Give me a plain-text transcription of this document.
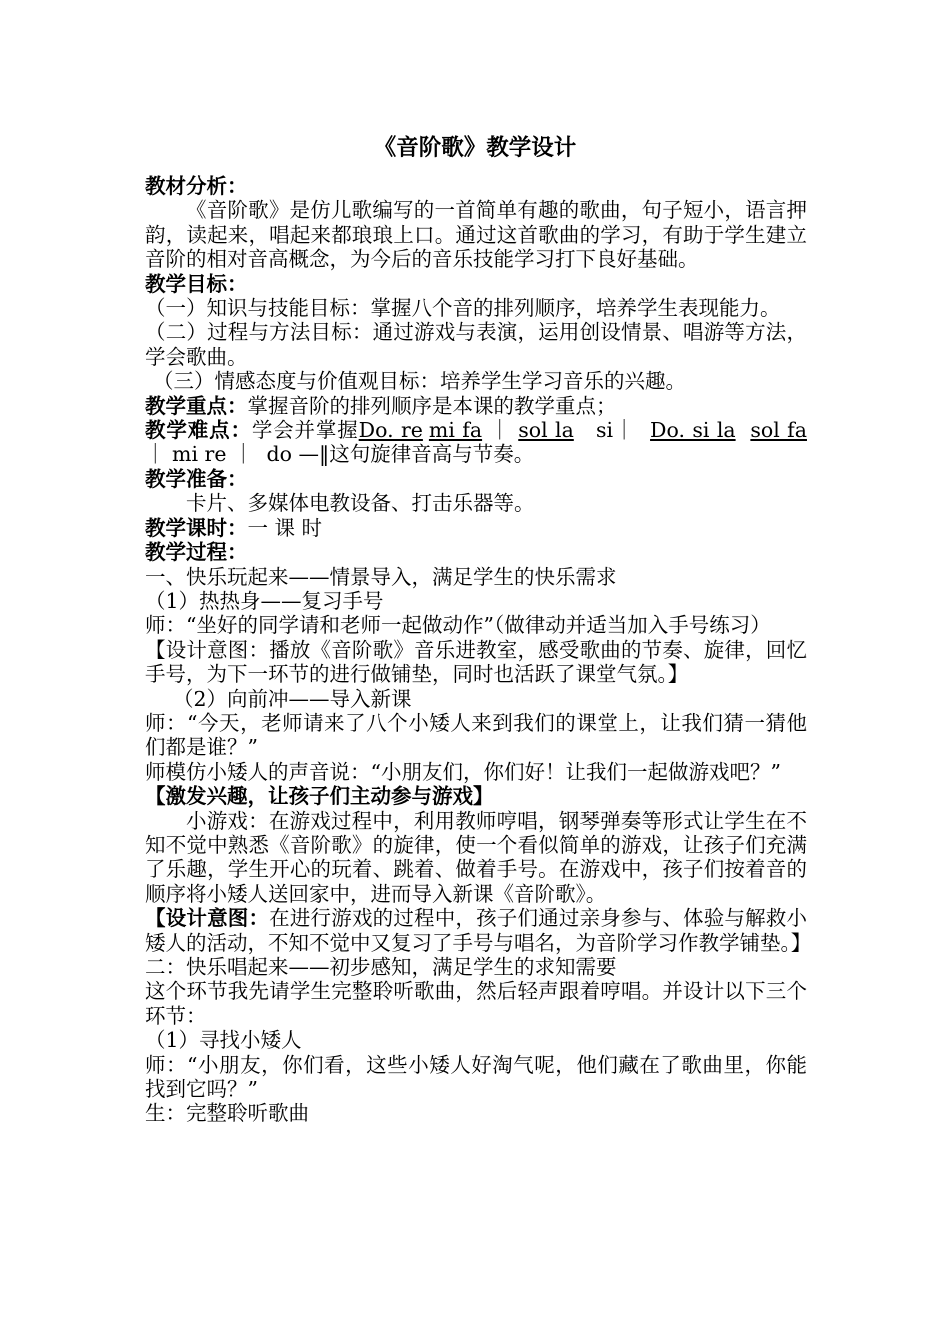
《音阶歌》教学设计

教材分析：

《音阶歌》是仿儿歌编写的一首简单有趣的歌曲，句子短小，语言押韵，读起来，唱起来都琅琅上口。通过这首歌曲的学习，有助于学生建立音阶的相对音高概念，为今后的音乐技能学习打下良好基础。

教学目标：

（一）知识与技能目标：掌握八个音的排列顺序，培养学生表现能力。

（二）过程与方法目标：通过游戏与表演，运用创设情景、唱游等方法，学会歌曲。

（三）情感态度与价值观目标：培养学生学习音乐的兴趣。

教学重点：掌握音阶的排列顺序是本课的教学重点；

教学难点：学会并掌握Do. re mi fa ｜ sol la si｜  Do. si la sol fa ｜ mi re ｜  do —‖这句旋律音高与节奏。

教学准备：

卡片、多媒体电教设备、打击乐器等。

教学课时：一 课 时

教学过程：

一、快乐玩起来——情景导入，满足学生的快乐需求

（1）热热身——复习手号

师：“坐好的同学请和老师一起做动作”（做律动并适当加入手号练习）

【设计意图：播放《音阶歌》音乐进教室，感受歌曲的节奏、旋律，回忆手号，为下一环节的进行做铺垫，同时也活跃了课堂气氛。】

（2）向前冲——导入新课

师：“今天，老师请来了八个小矮人来到我们的课堂上，让我们猜一猜他们都是谁？”

师模仿小矮人的声音说：“小朋友们，你们好！让我们一起做游戏吧？”

【激发兴趣，让孩子们主动参与游戏】

小游戏：在游戏过程中，利用教师哼唱，钢琴弹奏等形式让学生在不知不觉中熟悉《音阶歌》的旋律，使一个看似简单的游戏，让孩子们充满了乐趣，学生开心的玩着、跳着、做着手号。在游戏中，孩子们按着音的顺序将小矮人送回家中，进而导入新课《音阶歌》。

【设计意图：在进行游戏的过程中，孩子们通过亲身参与、体验与解救小矮人的活动，不知不觉中又复习了手号与唱名，为音阶学习作教学铺垫。】

二：快乐唱起来——初步感知，满足学生的求知需要

这个环节我先请学生完整聆听歌曲，然后轻声跟着哼唱。并设计以下三个环节：

（1）寻找小矮人

师：“小朋友，你们看，这些小矮人好淘气呢，他们藏在了歌曲里，你能找到它吗？”

生：完整聆听歌曲
